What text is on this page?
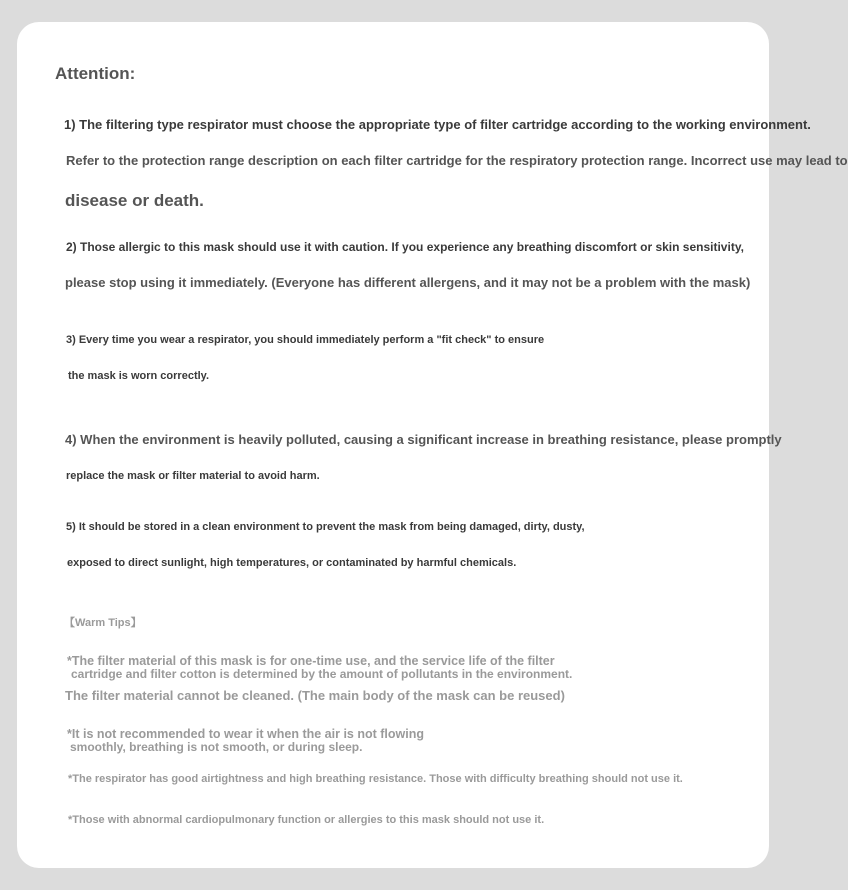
Attention:
1) The filtering type respirator must choose the appropriate type of filter cartridge according to the working environment.
Refer to the protection range description on each filter cartridge for the respiratory protection range. Incorrect use may lead to
disease or death.
2) Those allergic to this mask should use it with caution. If you experience any breathing discomfort or skin sensitivity,
please stop using it immediately. (Everyone has different allergens, and it may not be a problem with the mask)
3) Every time you wear a respirator, you should immediately perform a "fit check" to ensure
the mask is worn correctly.
4) When the environment is heavily polluted, causing a significant increase in breathing resistance, please promptly
replace the mask or filter material to avoid harm.
5) It should be stored in a clean environment to prevent the mask from being damaged, dirty, dusty,
exposed to direct sunlight, high temperatures, or contaminated by harmful chemicals.
【Warm Tips】
*The filter material of this mask is for one-time use, and the service life of the filter
cartridge and filter cotton is determined by the amount of pollutants in the environment.
The filter material cannot be cleaned. (The main body of the mask can be reused)
*It is not recommended to wear it when the air is not flowing
smoothly, breathing is not smooth, or during sleep.
*The respirator has good airtightness and high breathing resistance. Those with difficulty breathing should not use it.
*Those with abnormal cardiopulmonary function or allergies to this mask should not use it.
